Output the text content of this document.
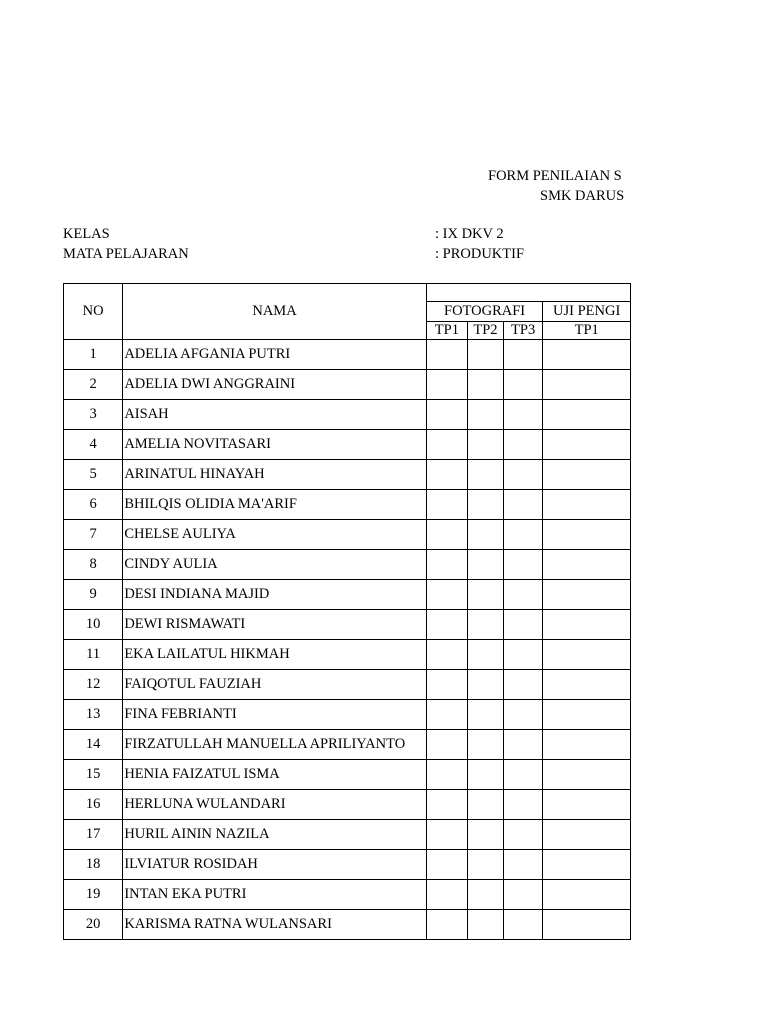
FORM PENILAIAN S
SMK DARUS
KELAS	: IX DKV 2
MATA PELAJARAN	: PRODUKTIF
NO	NAMA				
		FOTOGRAFI			UJI PENGI
		TP1	TP2	TP3	TP1
1	ADELIA AFGANIA PUTRI				
2	ADELIA DWI ANGGRAINI				
3	AISAH				
4	AMELIA NOVITASARI				
5	ARINATUL HINAYAH				
6	BHILQIS OLIDIA MA'ARIF				
7	CHELSE AULIYA				
8	CINDY AULIA				
9	DESI INDIANA MAJID				
10	DEWI RISMAWATI				
11	EKA LAILATUL HIKMAH				
12	FAIQOTUL FAUZIAH				
13	FINA FEBRIANTI				
14	FIRZATULLAH MANUELLA APRILIYANTO				
15	HENIA FAIZATUL ISMA				
16	HERLUNA WULANDARI				
17	HURIL AININ NAZILA				
18	ILVIATUR ROSIDAH				
19	INTAN EKA PUTRI				
20	KARISMA RATNA WULANSARI				
